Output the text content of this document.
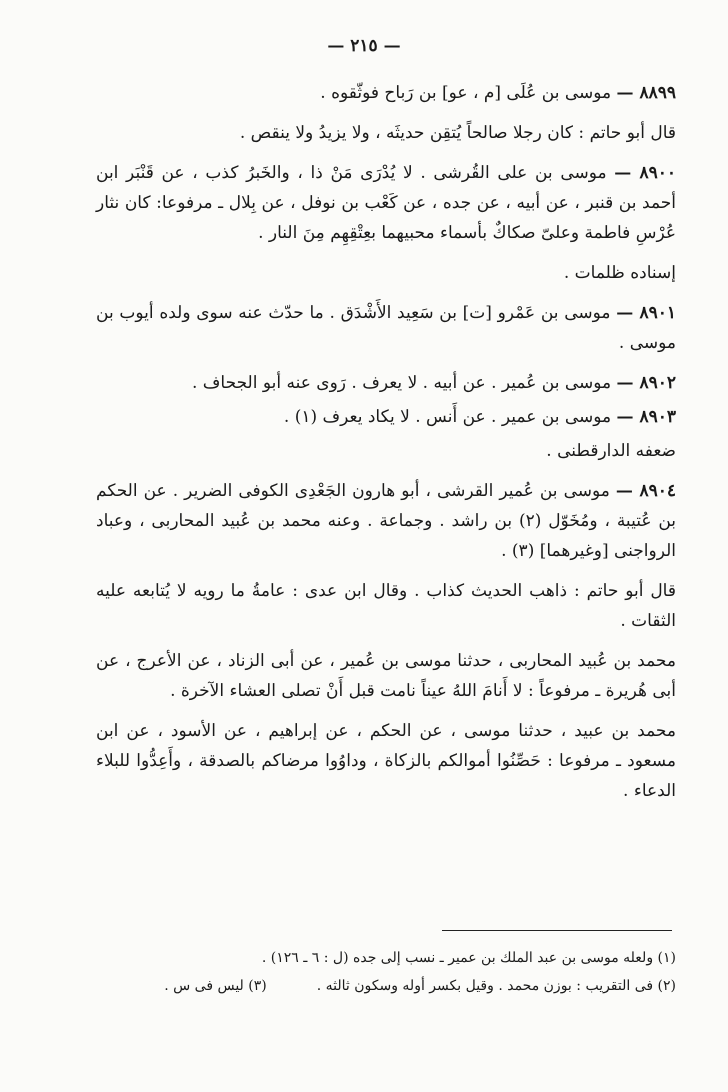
— ٢١٥ —

٨٨٩٩ — موسى بن عُلَى [م ، عو] بن رَباح فوثّقوه .

قال أبو حاتم : كان رجلا صالحاً يُتقِن حديثَه ، ولا يزيدُ ولا ينقص .

٨٩٠٠ — موسى بن على القُرشى . لا يُدْرَى مَنْ ذا ، والخَبرُ كذب ، عن قَنْبَر ابن أحمد بن قنبر ، عن أبيه ، عن جده ، عن كَعْب بن نوفل ، عن بِلال ـ مرفوعا: كان نثار عُرْسِ فاطمة وعلىّ صكاكٌ بأسماء محبيهما بعِتْقِهِم مِنَ النار .

إسناده ظلمات .

٨٩٠١ — موسى بن عَمْرو [ت] بن سَعِيد الأَشْدَق . ما حدّث عنه سوى ولده أيوب بن موسى .

٨٩٠٢ — موسى بن عُمير . عن أبيه . لا يعرف . رَوى عنه أبو الجحاف .

٨٩٠٣ — موسى بن عمير . عن أَنس . لا يكاد يعرف (١) .

ضعفه الدارقطنى .

٨٩٠٤ — موسى بن عُمير القرشى ، أبو هارون الجَعْدِى الكوفى الضرير . عن الحكم بن عُتيبة ، ومُخَوّل (٢) بن راشد . وجماعة . وعنه محمد بن عُبيد المحاربى ، وعباد الرواجنى [وغيرهما] (٣) .

قال أبو حاتم : ذاهب الحديث كذاب . وقال ابن عدى : عامةُ ما رويه لا يُتابعه عليه الثقات .

محمد بن عُبيد المحاربى ، حدثنا موسى بن عُمير ، عن أبى الزناد ، عن الأعرج ، عن أبى هُريرة ـ مرفوعاً : لا أَنامَ اللهُ عيناً نامت قبل أَنْ تصلى العشاء الآخرة .

محمد بن عبيد ، حدثنا موسى ، عن الحكم ، عن إبراهيم ، عن الأسود ، عن ابن مسعود ـ مرفوعا : حَصِّنُوا أموالكم بالزكاة ، وداوُوا مرضاكم بالصدقة ، وأَعِدُّوا للبلاء الدعاء .

(١) ولعله موسى بن عبد الملك بن عمير ـ نسب إلى جده (ل : ٦ ـ ١٢٦) .

(٢) فى التقريب : بوزن محمد . وقيل بكسر أوله وسكون ثالثه .(٣) ليس فى س .
